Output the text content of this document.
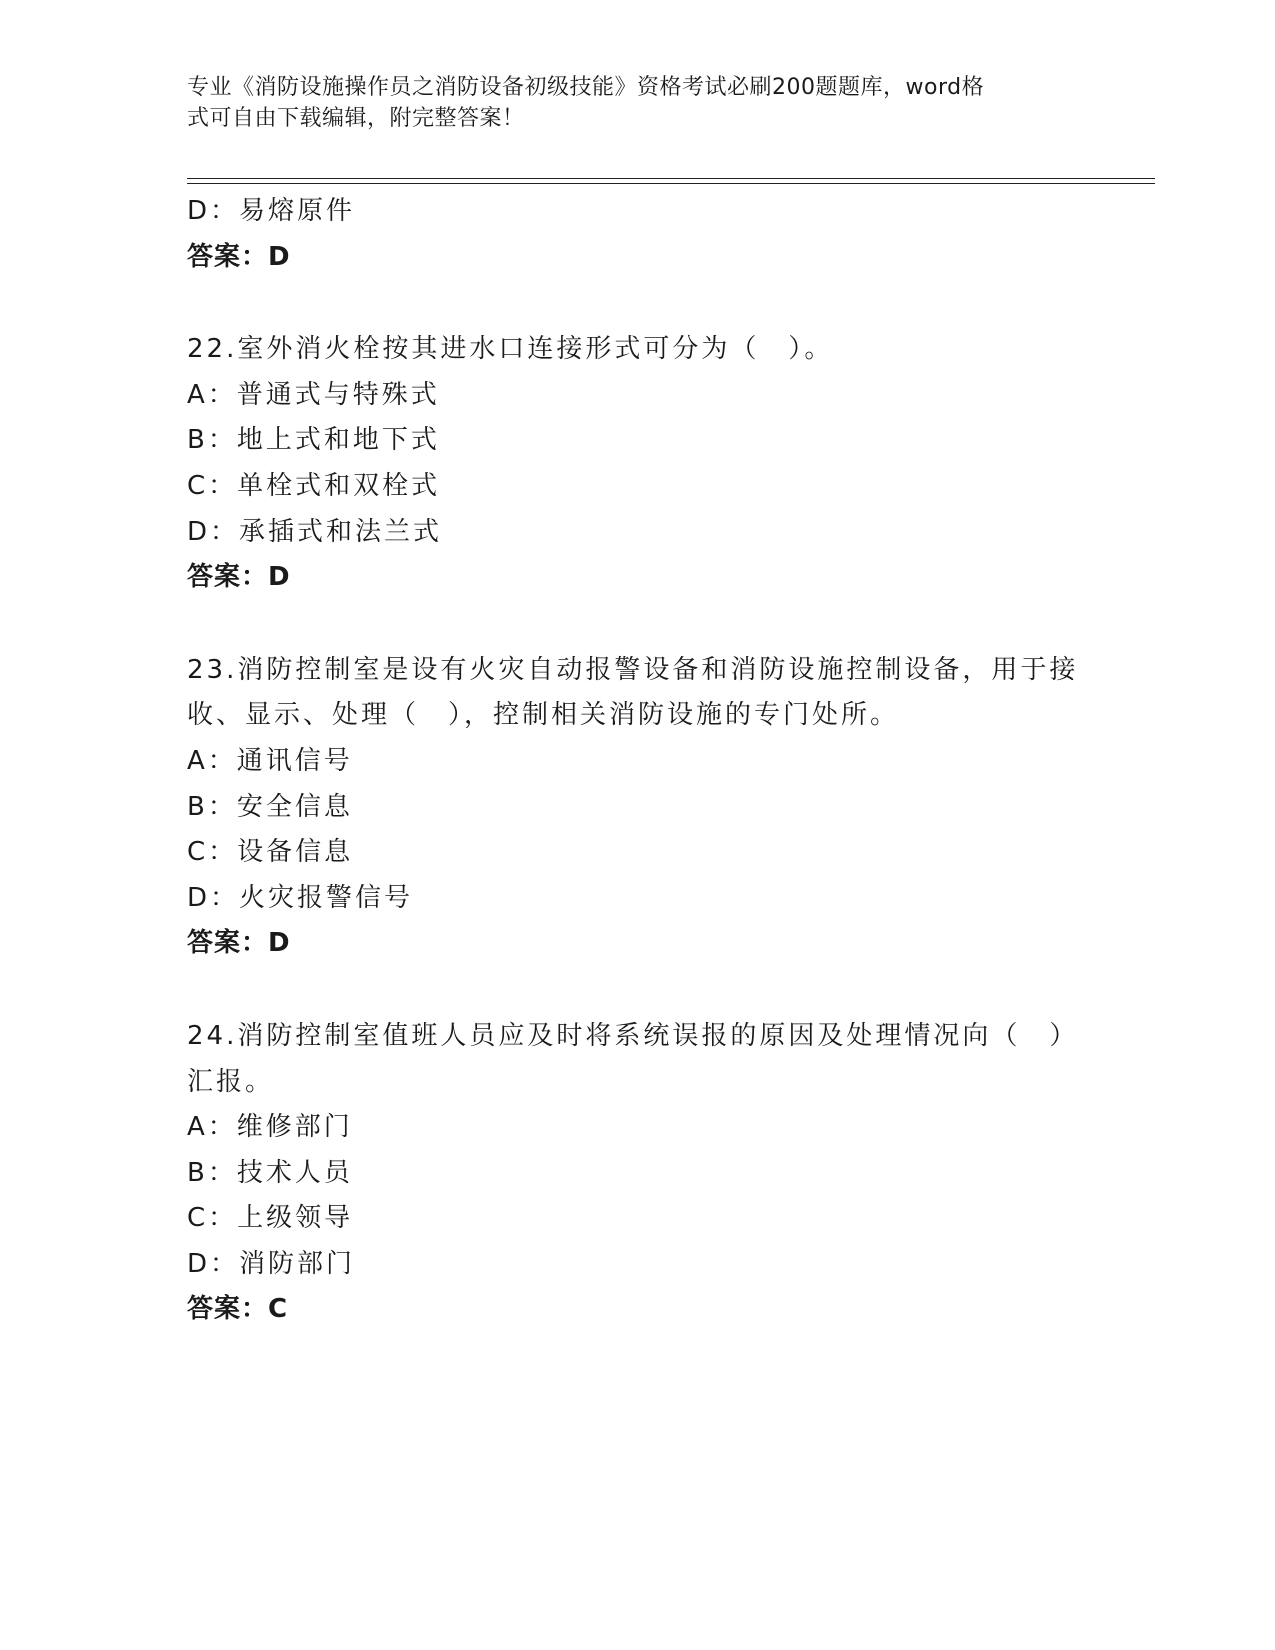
专业《消防设施操作员之消防设备初级技能》资格考试必刷200题题库，word格
式可自由下载编辑，附完整答案！
D：易熔原件
答案：D
22.室外消火栓按其进水口连接形式可分为（　）。
A：普通式与特殊式
B：地上式和地下式
C：单栓式和双栓式
D：承插式和法兰式
答案：D
23.消防控制室是设有火灾自动报警设备和消防设施控制设备，用于接
收、显示、处理（　），控制相关消防设施的专门处所。
A：通讯信号
B：安全信息
C：设备信息
D：火灾报警信号
答案：D
24.消防控制室值班人员应及时将系统误报的原因及处理情况向（　）
汇报。
A：维修部门
B：技术人员
C：上级领导
D：消防部门
答案：C
